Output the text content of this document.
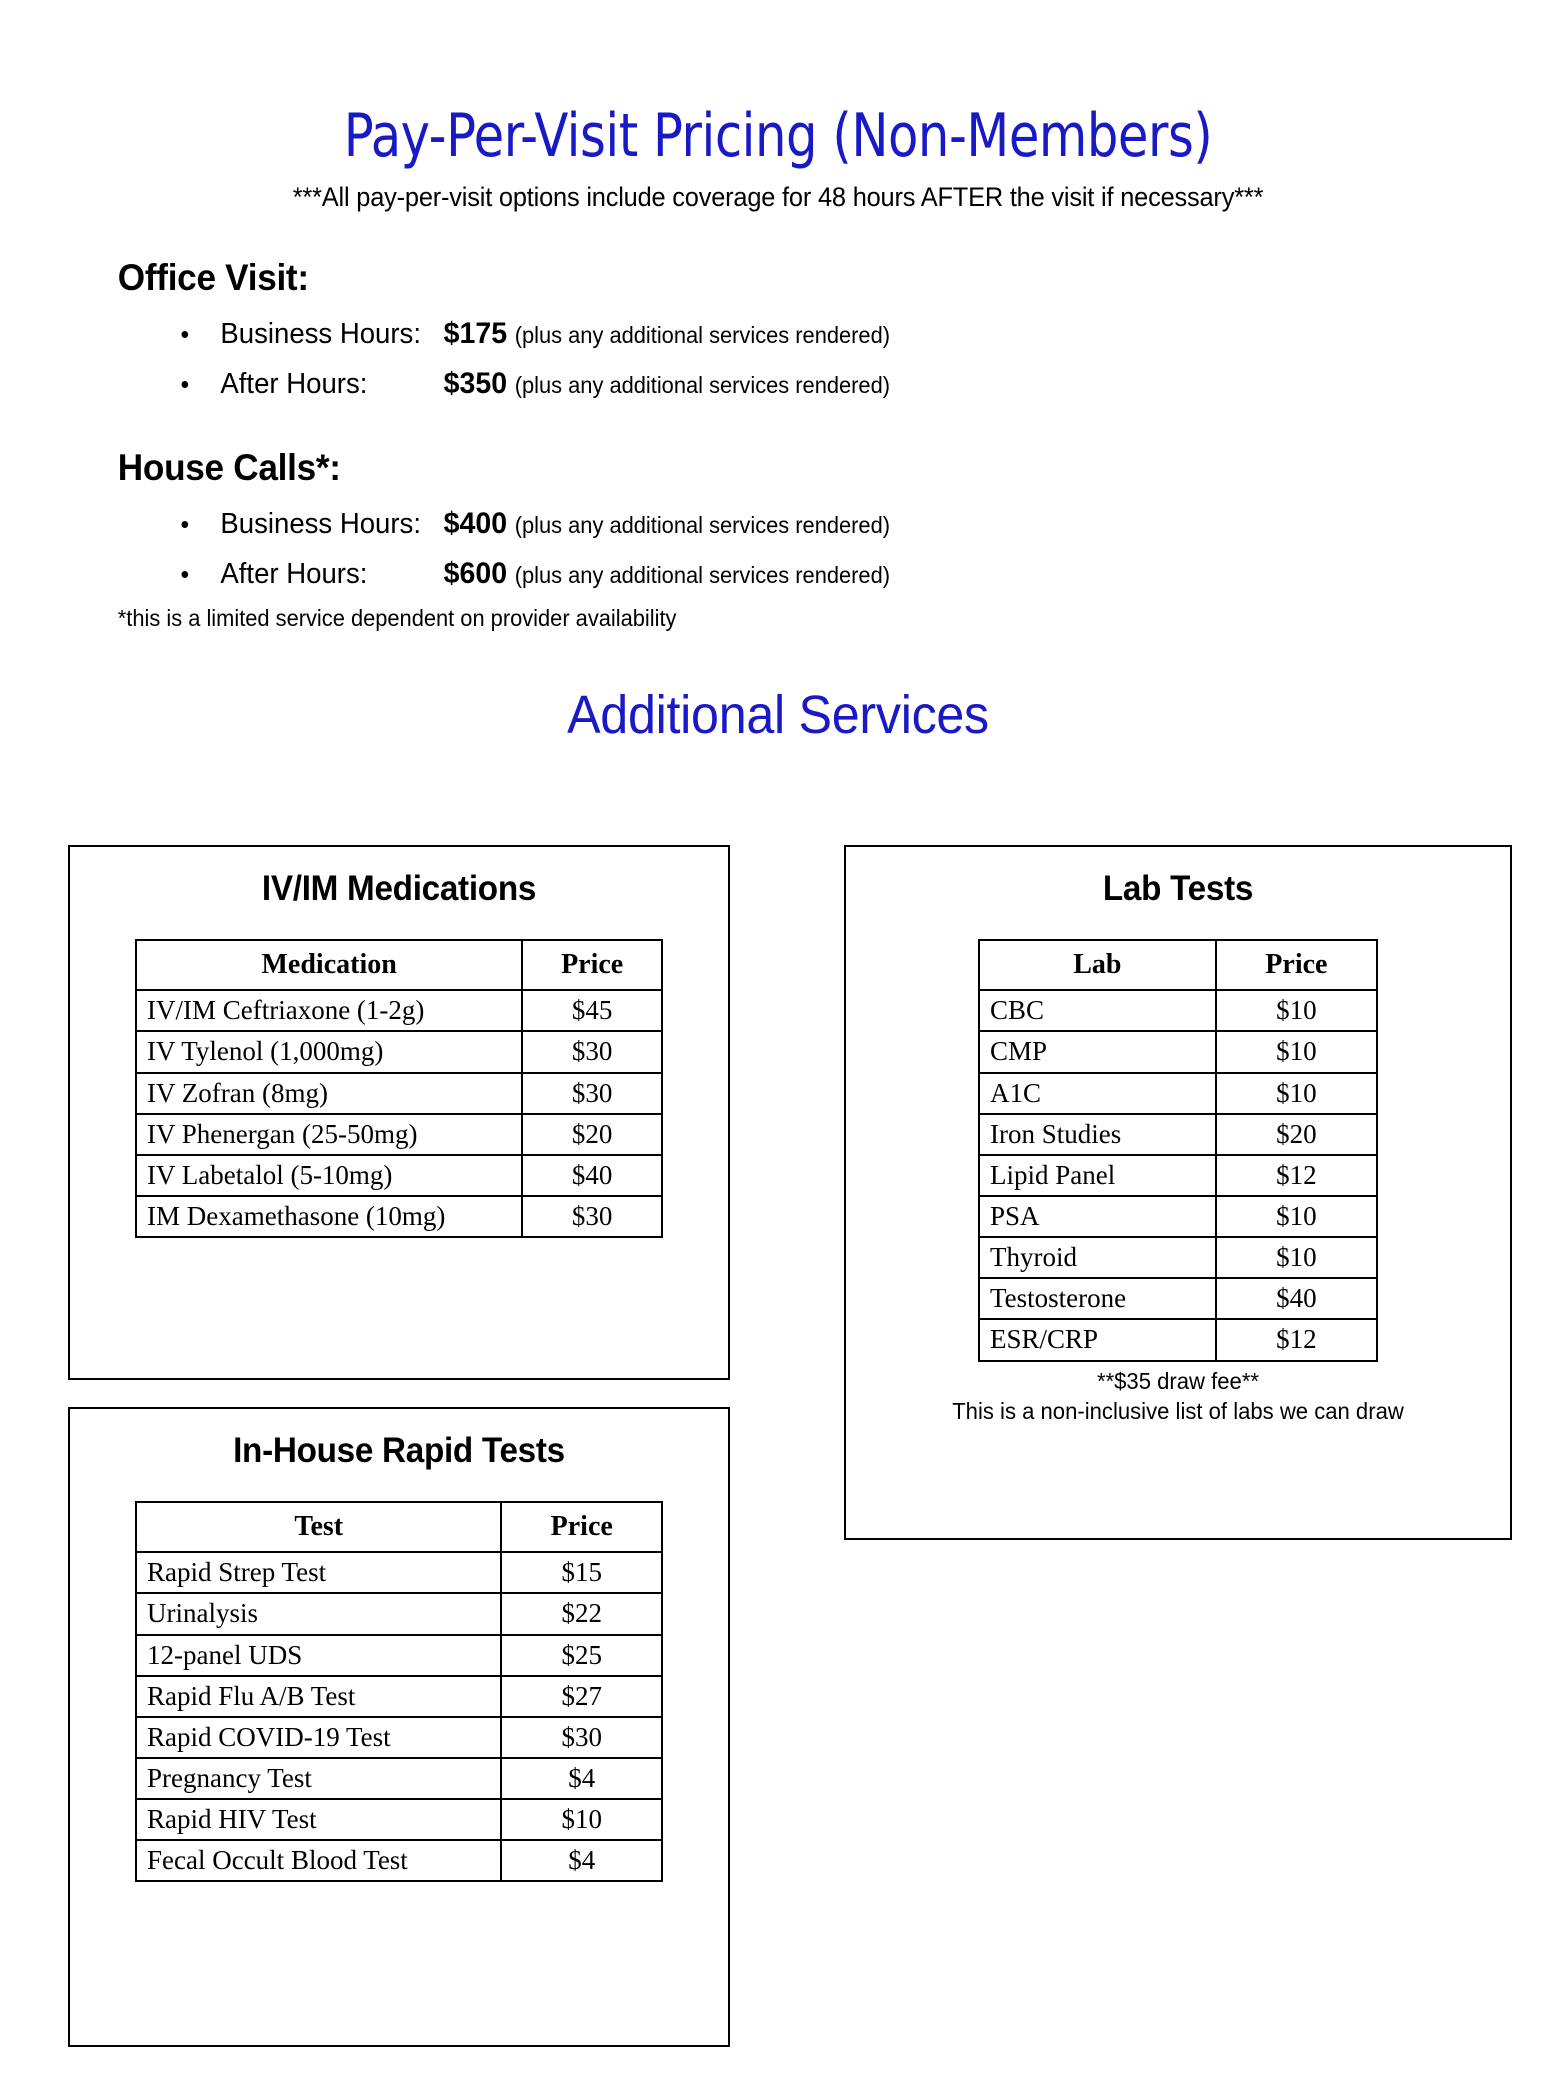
Pay-Per-Visit Pricing (Non-Members)

***All pay-per-visit options include coverage for 48 hours AFTER the visit if necessary***

Office Visit:
• Business Hours: $175 (plus any additional services rendered)
• After Hours:	$350 (plus any additional services rendered)
House Calls*:
• Business Hours: $400 (plus any additional services rendered)
• After Hours:	$600 (plus any additional services rendered)

*this is a limited service dependent on provider availability

Additional Services

IV/IM Medications

Medication	Price
IV/IM Ceftriaxone (1-2g)	$45
IV Tylenol (1,000mg)	$30
IV Zofran (8mg)	$30
IV Phenergan (25-50mg)	$20
IV Labetalol (5-10mg)	$40
IM Dexamethasone (10mg)	$30

Lab Tests

Lab	Price
CBC	$10
CMP	$10
A1C	$10
Iron Studies	$20
Lipid Panel	$12
PSA	$10
Thyroid	$10
Testosterone	$40
ESR/CRP	$12

**$35 draw fee**

This is a non-inclusive list of labs we can draw

In-House Rapid Tests

Test	Price
Rapid Strep Test	$15
Urinalysis	$22
12-panel UDS	$25
Rapid Flu A/B Test	$27
Rapid COVID-19 Test	$30
Pregnancy Test	$4
Rapid HIV Test	$10
Fecal Occult Blood Test	$4
